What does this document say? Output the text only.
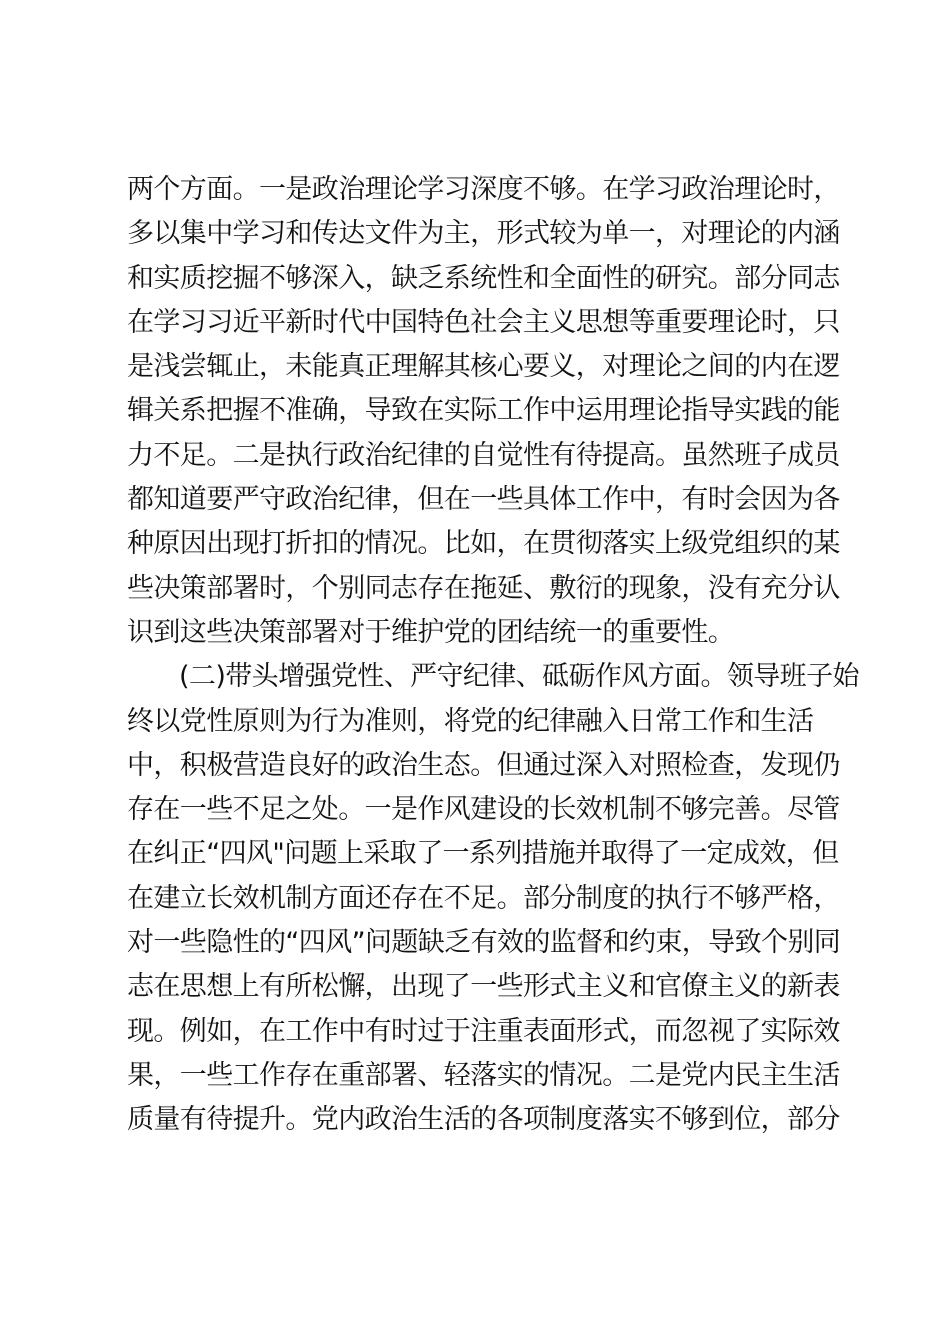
两个方面。一是政治理论学习深度不够。在学习政治理论时，
多以集中学习和传达文件为主，形式较为单一，对理论的内涵
和实质挖掘不够深入，缺乏系统性和全面性的研究。部分同志
在学习习近平新时代中国特色社会主义思想等重要理论时，只
是浅尝辄止，未能真正理解其核心要义，对理论之间的内在逻
辑关系把握不准确，导致在实际工作中运用理论指导实践的能
力不足。二是执行政治纪律的自觉性有待提高。虽然班子成员
都知道要严守政治纪律，但在一些具体工作中，有时会因为各
种原因出现打折扣的情况。比如，在贯彻落实上级党组织的某
些决策部署时，个别同志存在拖延、敷衍的现象，没有充分认
识到这些决策部署对于维护党的团结统一的重要性。
(二)带头增强党性、严守纪律、砥砺作风方面。领导班子始
终以党性原则为行为准则，将党的纪律融入日常工作和生活
中，积极营造良好的政治生态。但通过深入对照检查，发现仍
存在一些不足之处。一是作风建设的长效机制不够完善。尽管
在纠正“四风"问题上采取了一系列措施并取得了一定成效，但
在建立长效机制方面还存在不足。部分制度的执行不够严格，
对一些隐性的“四风”问题缺乏有效的监督和约束，导致个别同
志在思想上有所松懈，出现了一些形式主义和官僚主义的新表
现。例如，在工作中有时过于注重表面形式，而忽视了实际效
果，一些工作存在重部署、轻落实的情况。二是党内民主生活
质量有待提升。党内政治生活的各项制度落实不够到位，部分
